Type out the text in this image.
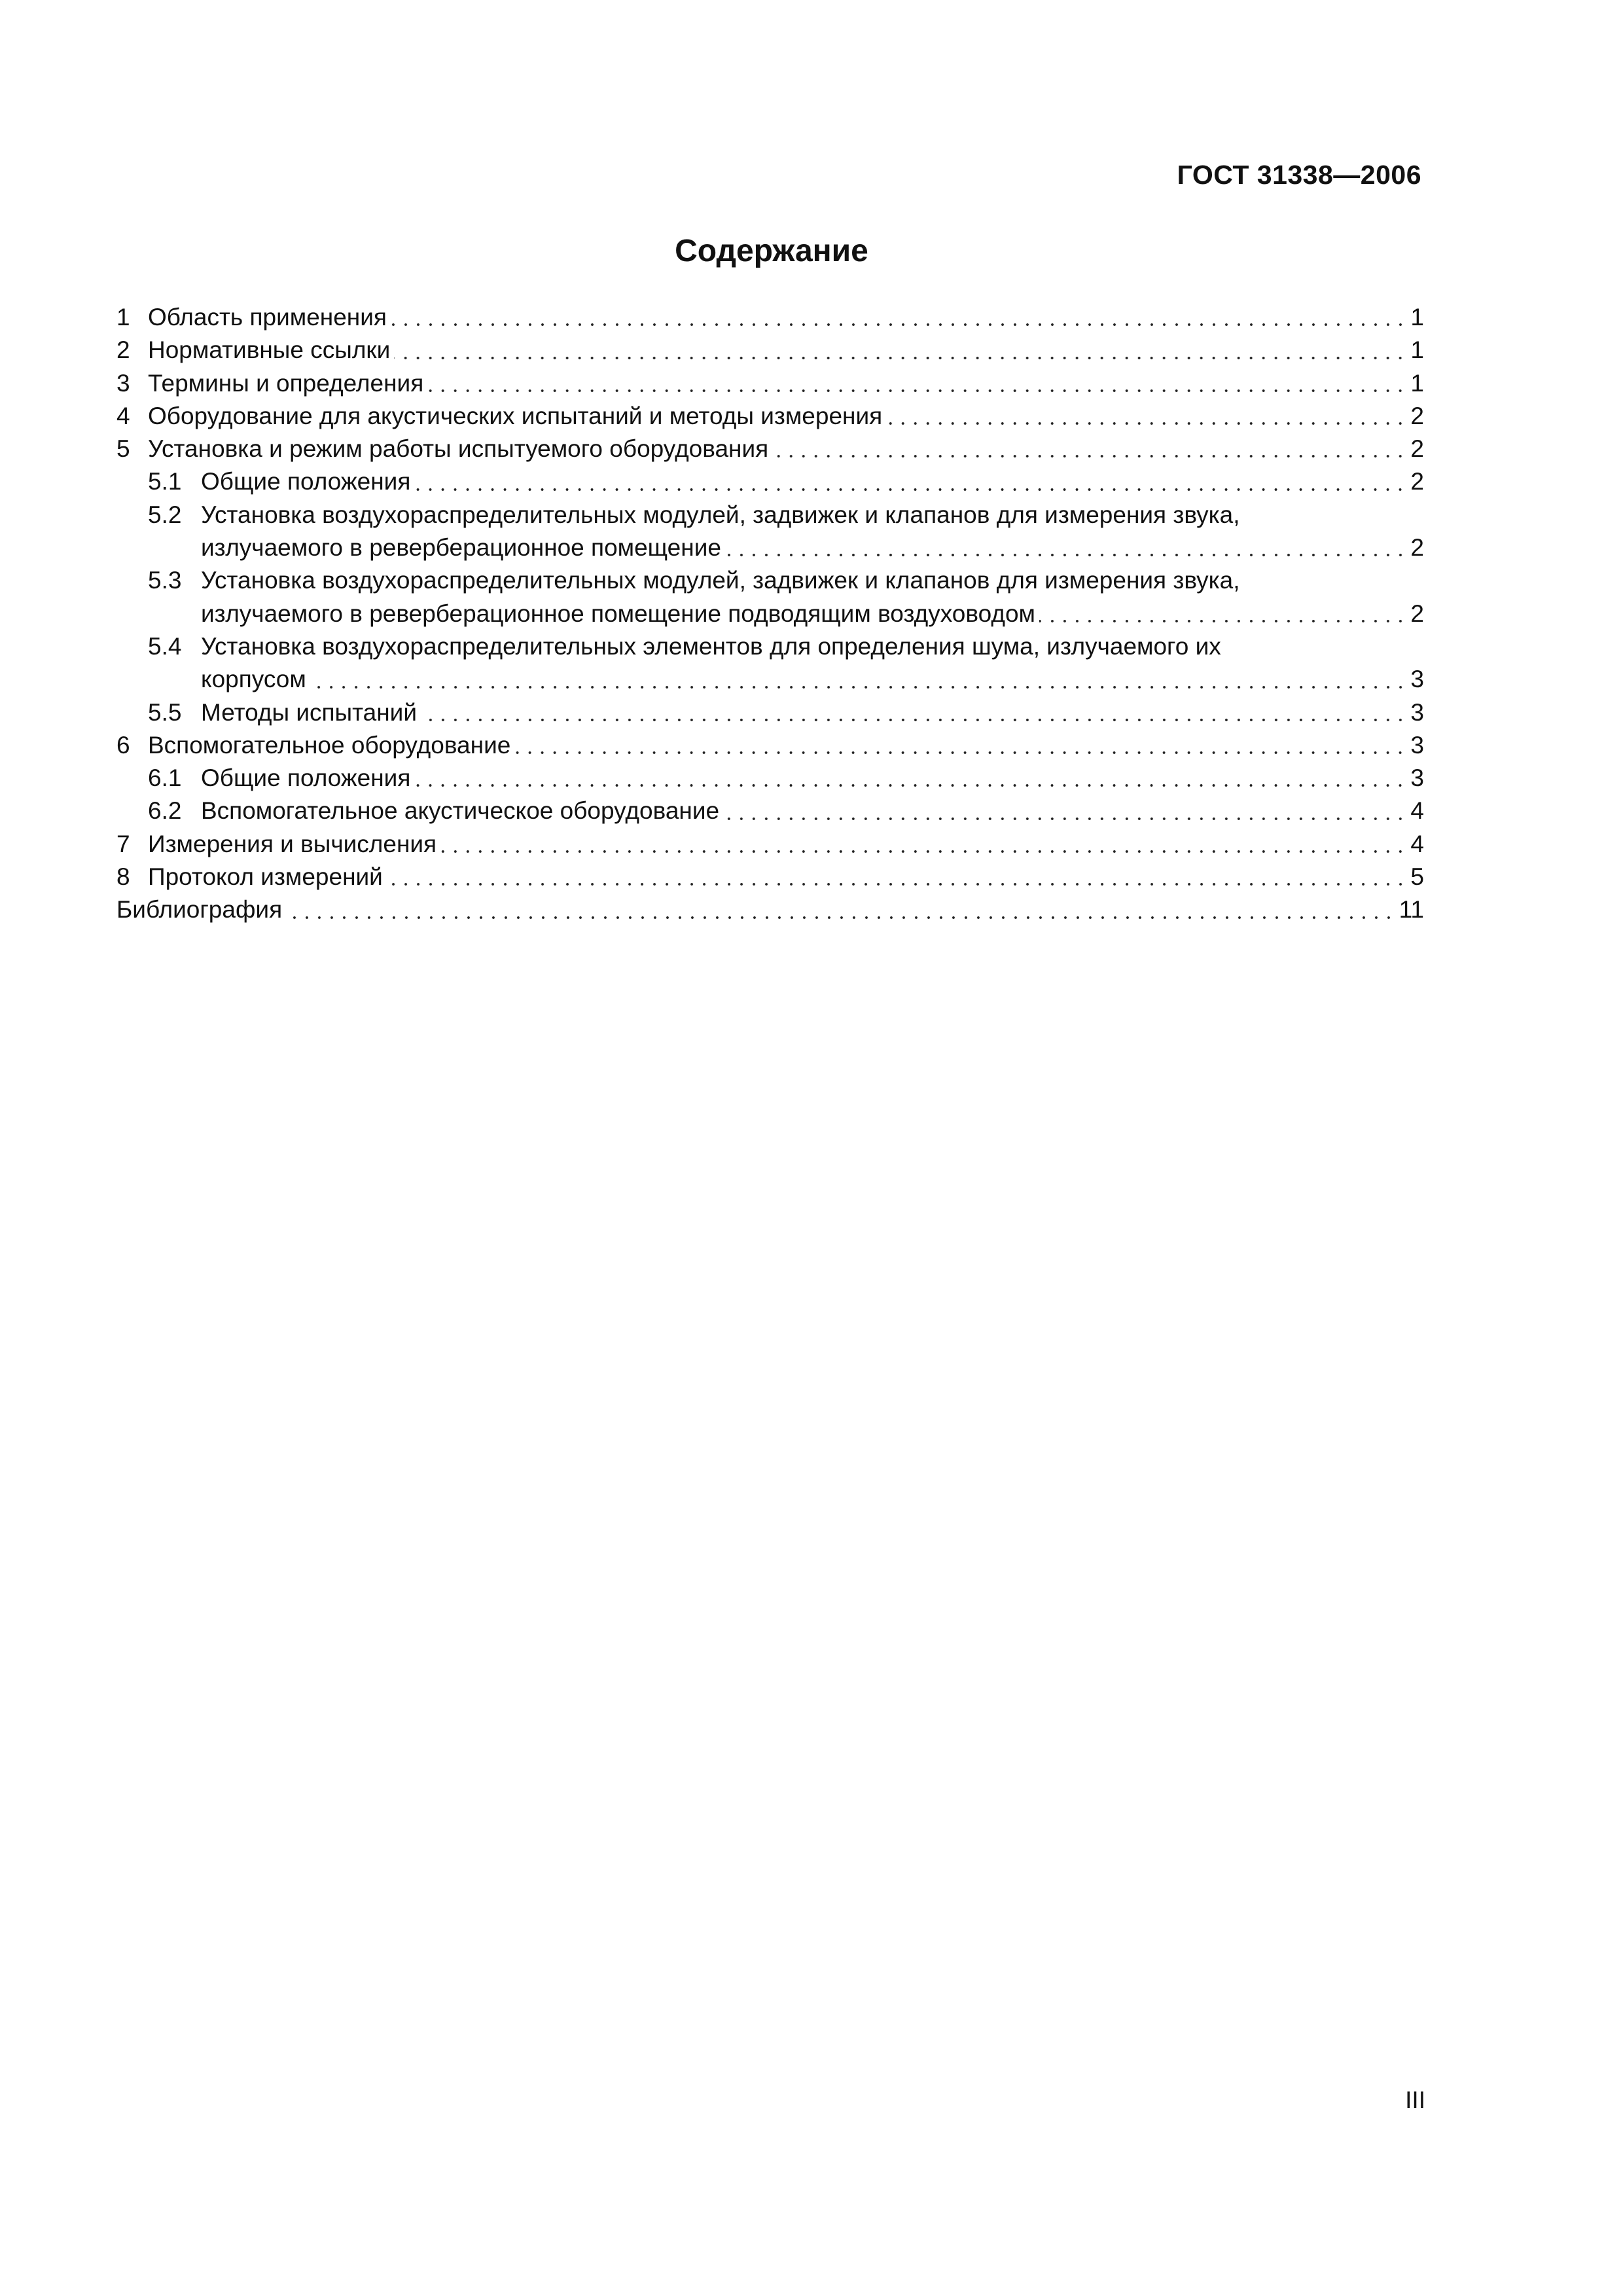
ГОСТ 31338—2006
Содержание
1 Область применения	1
2 Нормативные ссылки	1
3 Термины и определения	1
4 Оборудование для акустических испытаний и методы измерения	2
5 Установка и режим работы испытуемого оборудования	2
5.1 Общие положения	2
5.2 Установка воздухораспределительных модулей, задвижек и клапанов для измерения звука,
излучаемого в реверберационное помещение	2
5.3 Установка воздухораспределительных модулей, задвижек и клапанов для измерения звука,
излучаемого в реверберационное помещение подводящим воздуховодом	2
5.4 Установка воздухораспределительных элементов для определения шума, излучаемого их
корпусом	3
5.5 Методы испытаний	3
6 Вспомогательное оборудование	3
6.1 Общие положения	3
6.2 Вспомогательное акустическое оборудование	4
7 Измерения и вычисления	4
8 Протокол измерений	5
Библиография	11
III
